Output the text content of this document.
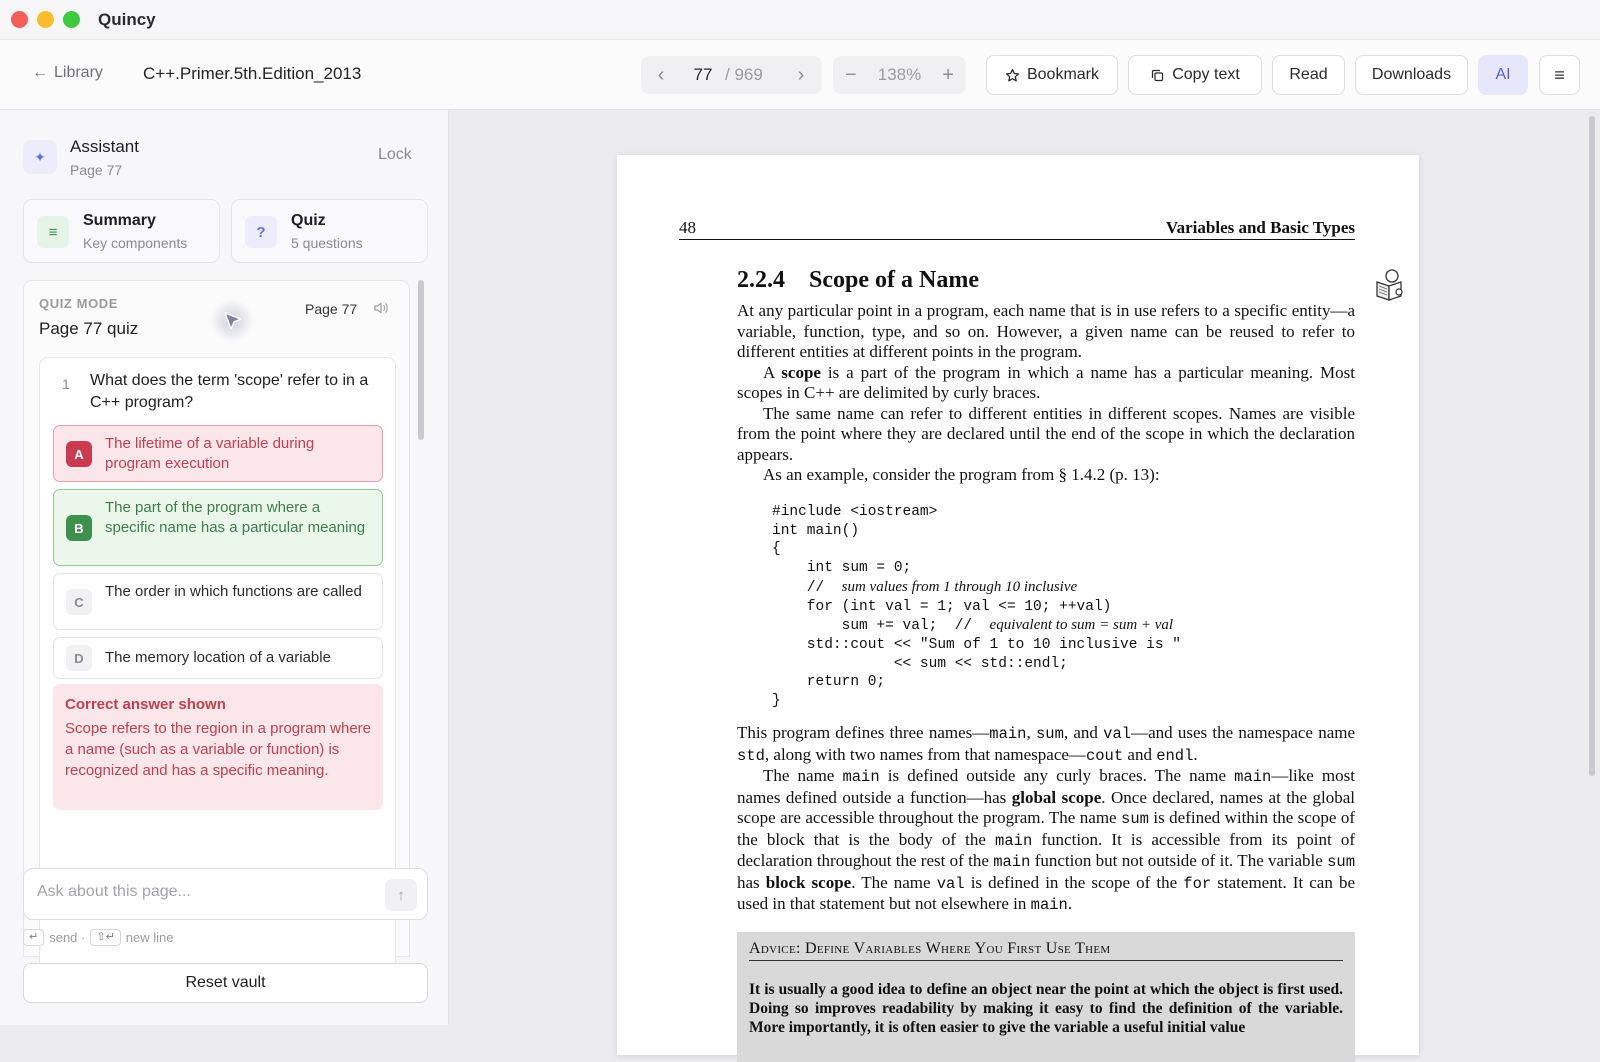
Quincy
← Library C++.Primer.5th.Edition_2013	‹	77 / 969	›	− 138% +	Bookmark	Copy text	Read	Downloads	AI ≡
✦
Assistant
Page 77
Lock
≡
Summary
Key components
?
Quiz
5 questions
QUIZ MODE
Page 77 quiz
Page 77
1 What does the term 'scope' refer to in a C++ program?
A
The lifetime of a variable during program execution
B
The part of the program where a specific name has a particular meaning
C
The order in which functions are called
D	The memory location of a variable
Correct answer shown
Scope refers to the region in a program where a name (such as a variable or function) is recognized and has a specific meaning.
Ask about this page...
↑
↵ send ·	⇧↵ new line
Reset vault
48	Variables and Basic Types
2.2.4 Scope of a Name

At any particular point in a program, each name that is in use refers to a specific entity—a variable, function, type, and so on. However, a given name can be reused to refer to different entities at different points in the program.

A scope is a part of the program in which a name has a particular meaning. Most scopes in C++ are delimited by curly braces.

The same name can refer to different entities in different scopes. Names are visible from the point where they are declared until the end of the scope in which the declaration appears.

As an example, consider the program from § 1.4.2 (p. 13):

#include <iostream>
int main()
{
int sum = 0;
//  sum values from 1 through 10 inclusive
for (int val = 1; val <= 10; ++val)
sum += val;  //  equivalent to sum = sum + val
std::cout << "Sum of 1 to 10 inclusive is "
<< sum << std::endl;
return 0;
}

This program defines three names—main, sum, and val—and uses the namespace name std, along with two names from that namespace—cout and endl.

The name main is defined outside any curly braces. The name main—like most names defined outside a function—has global scope. Once declared, names at the global scope are accessible throughout the program. The name sum is defined within the scope of the block that is the body of the main function. It is accessible from its point of declaration throughout the rest of the main function but not outside of it. The variable sum has block scope. The name val is defined in the scope of the for statement. It can be used in that statement but not elsewhere in main.

Advice: Define Variables Where You First Use Them
It is usually a good idea to define an object near the point at which the object is first used. Doing so improves readability by making it easy to find the definition of the variable. More importantly, it is often easier to give the variable a useful initial value
